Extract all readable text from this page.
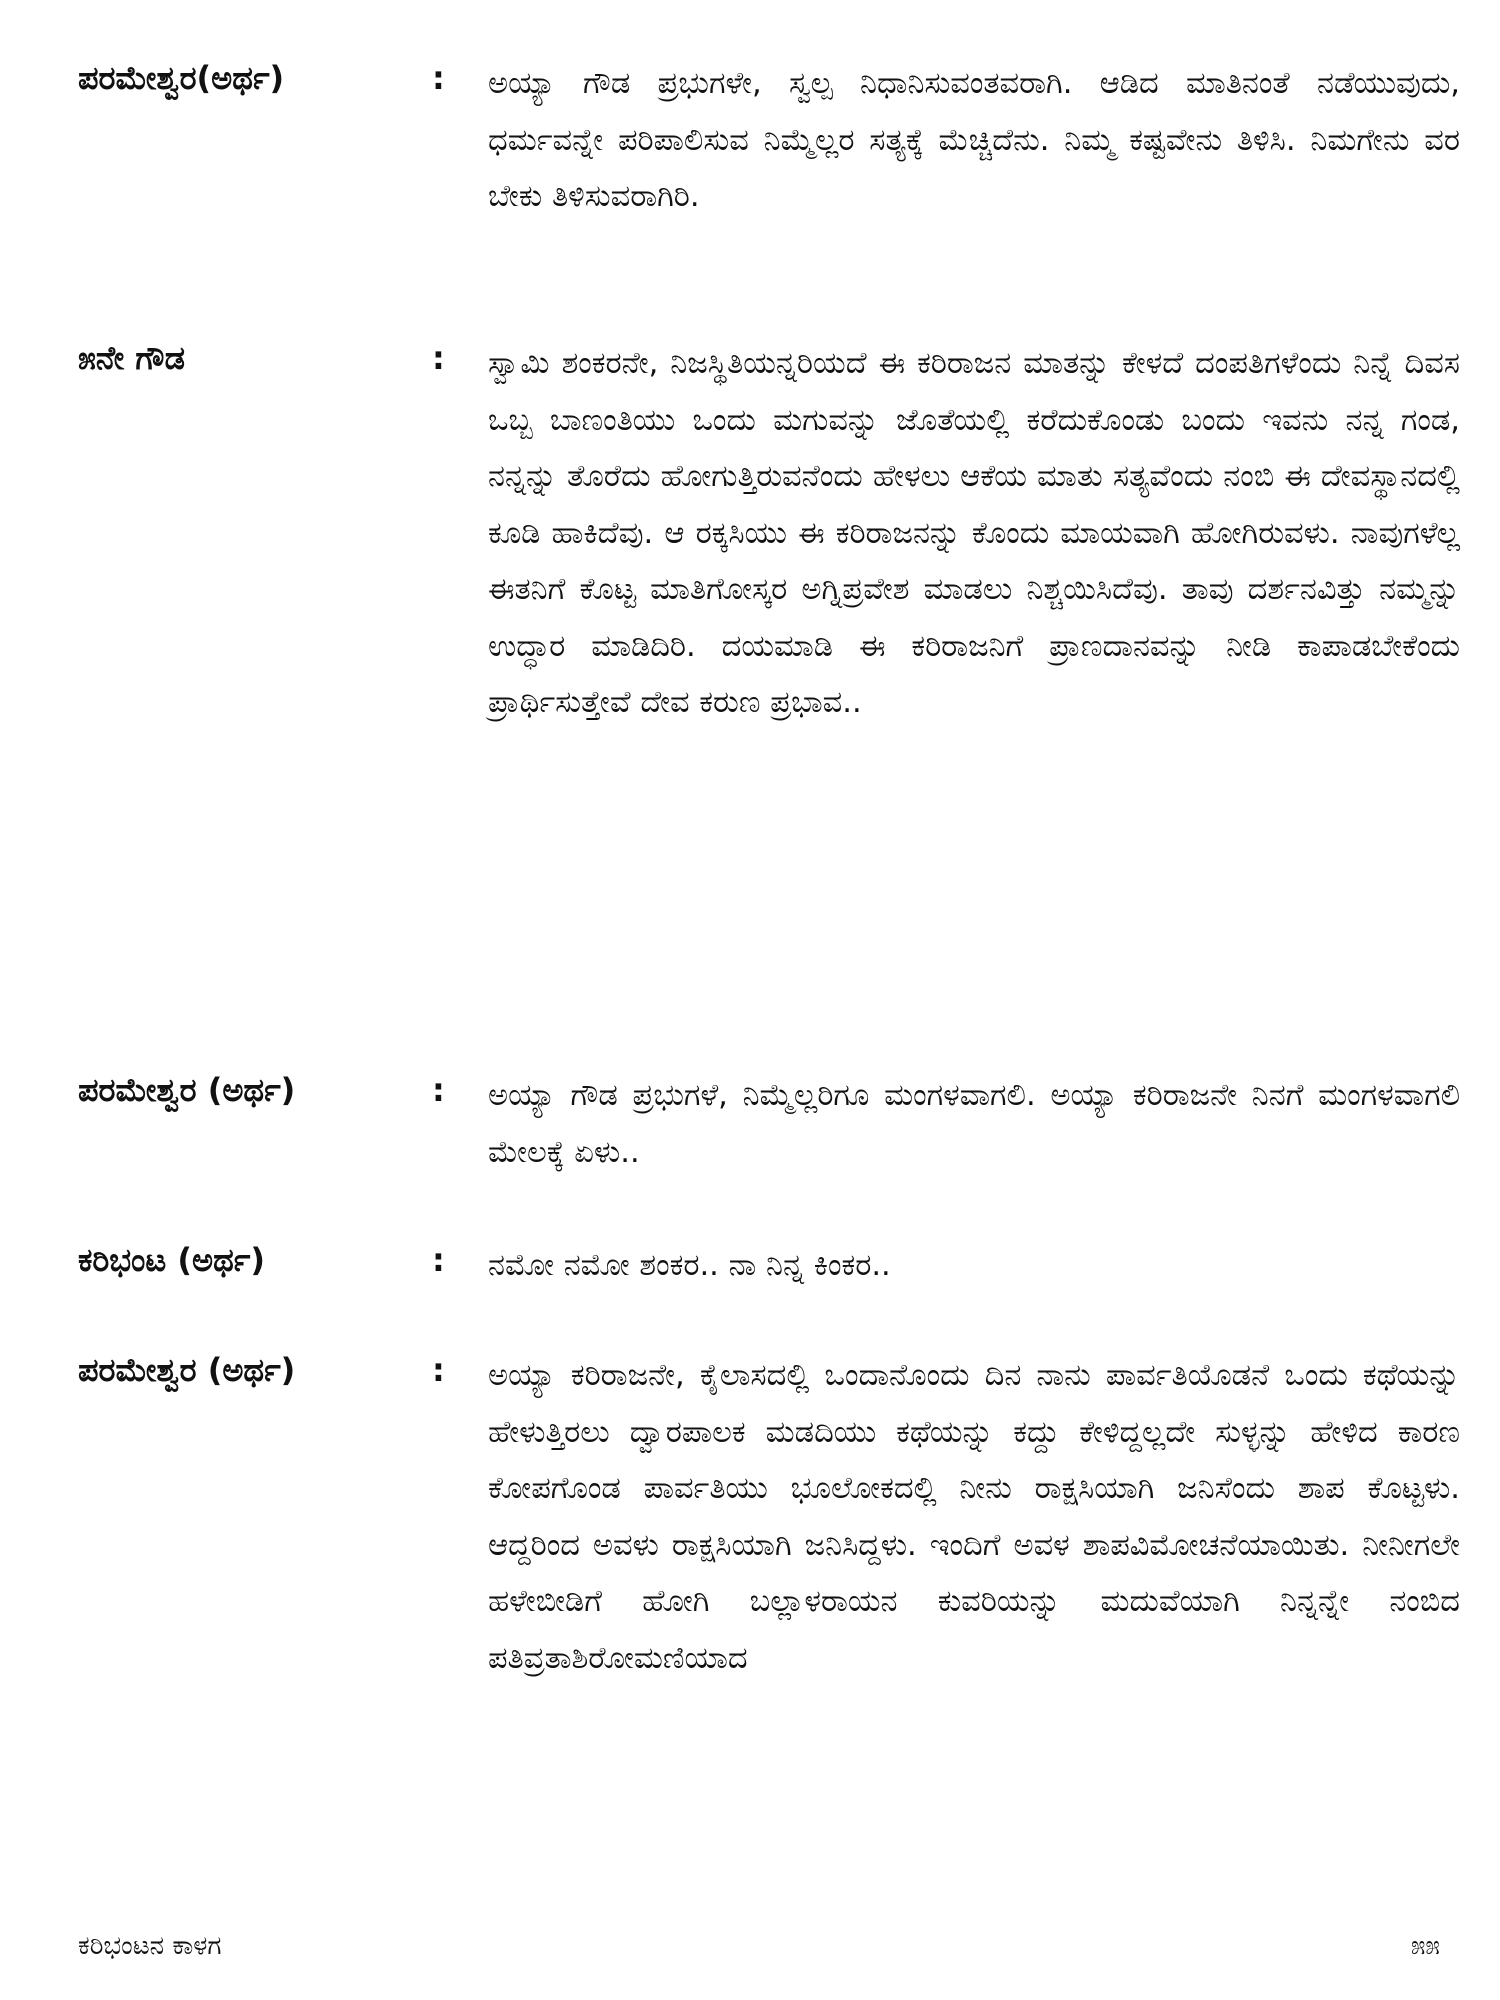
ಪರಮೇಶ್ವರ(ಅರ್ಥ)	: ಅಯ್ಯಾ ಗೌಡ ಪ್ರಭುಗಳೇ, ಸ್ವಲ್ಪ ನಿಧಾನಿಸುವಂತವರಾಗಿ. ಆಡಿದ ಮಾತಿನಂತೆ ನಡೆಯುವುದು, ಧರ್ಮವನ್ನೇ ಪರಿಪಾಲಿಸುವ ನಿಮ್ಮೆಲ್ಲರ ಸತ್ಯಕ್ಕೆ ಮೆಚ್ಚಿದೆನು. ನಿಮ್ಮ ಕಷ್ಟವೇನು ತಿಳಿಸಿ. ನಿಮಗೇನು ವರ ಬೇಕು ತಿಳಿಸುವರಾಗಿರಿ.
೫ನೇ ಗೌಡ	: ಸ್ವಾಮಿ ಶಂಕರನೇ, ನಿಜಸ್ಥಿತಿಯನ್ನರಿಯದೆ ಈ ಕರಿರಾಜನ ಮಾತನ್ನು ಕೇಳದೆ ದಂಪತಿಗಳೆಂದು ನಿನ್ನೆ ದಿವಸ ಒಬ್ಬ ಬಾಣಂತಿಯು ಒಂದು ಮಗುವನ್ನು ಜೊತೆಯಲ್ಲಿ ಕರೆದುಕೊಂಡು ಬಂದು ಇವನು ನನ್ನ ಗಂಡ, ನನ್ನನ್ನು ತೊರೆದು ಹೋಗುತ್ತಿರುವನೆಂದು ಹೇಳಲು ಆಕೆಯ ಮಾತು ಸತ್ಯವೆಂದು ನಂಬಿ ಈ ದೇವಸ್ಥಾನದಲ್ಲಿ ಕೂಡಿ ಹಾಕಿದೆವು. ಆ ರಕ್ಕಸಿಯು ಈ ಕರಿರಾಜನನ್ನು ಕೊಂದು ಮಾಯವಾಗಿ ಹೋಗಿರುವಳು. ನಾವುಗಳೆಲ್ಲ ಈತನಿಗೆ ಕೊಟ್ಟ ಮಾತಿಗೋಸ್ಕರ ಅಗ್ನಿಪ್ರವೇಶ ಮಾಡಲು ನಿಶ್ಚಯಿಸಿದೆವು. ತಾವು ದರ್ಶನವಿತ್ತು ನಮ್ಮನ್ನು ಉದ್ಧಾರ ಮಾಡಿದಿರಿ. ದಯಮಾಡಿ ಈ ಕರಿರಾಜನಿಗೆ ಪ್ರಾಣದಾನವನ್ನು ನೀಡಿ ಕಾಪಾಡಬೇಕೆಂದು ಪ್ರಾರ್ಥಿಸುತ್ತೇವೆ ದೇವ ಕರುಣ ಪ್ರಭಾವ..
ಪರಮೇಶ್ವರ (ಅರ್ಥ)	: ಅಯ್ಯಾ ಗೌಡ ಪ್ರಭುಗಳೆ, ನಿಮ್ಮೆಲ್ಲರಿಗೂ ಮಂಗಳವಾಗಲಿ. ಅಯ್ಯಾ ಕರಿರಾಜನೇ ನಿನಗೆ ಮಂಗಳವಾಗಲಿ ಮೇಲಕ್ಕೆ ಏಳು..
ಕರಿಭಂಟ (ಅರ್ಥ)	: ನಮೋ ನಮೋ ಶಂಕರ.. ನಾ ನಿನ್ನ ಕಿಂಕರ..
ಪರಮೇಶ್ವರ (ಅರ್ಥ)	: ಅಯ್ಯಾ ಕರಿರಾಜನೇ, ಕೈಲಾಸದಲ್ಲಿ ಒಂದಾನೊಂದು ದಿನ ನಾನು ಪಾರ್ವತಿಯೊಡನೆ ಒಂದು ಕಥೆಯನ್ನು ಹೇಳುತ್ತಿರಲು ದ್ವಾರಪಾಲಕ ಮಡದಿಯು ಕಥೆಯನ್ನು ಕದ್ದು ಕೇಳಿದ್ದಲ್ಲದೇ ಸುಳ್ಳನ್ನು ಹೇಳಿದ ಕಾರಣ ಕೋಪಗೊಂಡ ಪಾರ್ವತಿಯು ಭೂಲೋಕದಲ್ಲಿ ನೀನು ರಾಕ್ಷಸಿಯಾಗಿ ಜನಿಸೆಂದು ಶಾಪ ಕೊಟ್ಟಳು. ಆದ್ದರಿಂದ ಅವಳು ರಾಕ್ಷಸಿಯಾಗಿ ಜನಿಸಿದ್ದಳು. ಇಂದಿಗೆ ಅವಳ ಶಾಪವಿಮೋಚನೆಯಾಯಿತು. ನೀನೀಗಲೇ ಹಳೇಬೀಡಿಗೆ ಹೋಗಿ ಬಲ್ಲಾಳರಾಯನ ಕುವರಿಯನ್ನು ಮದುವೆಯಾಗಿ ನಿನ್ನನ್ನೇ ನಂಬಿದ ಪತಿವ್ರತಾಶಿರೋಮಣಿಯಾದ
ಕರಿಭಂಟನ ಕಾಳಗ	೫೫
